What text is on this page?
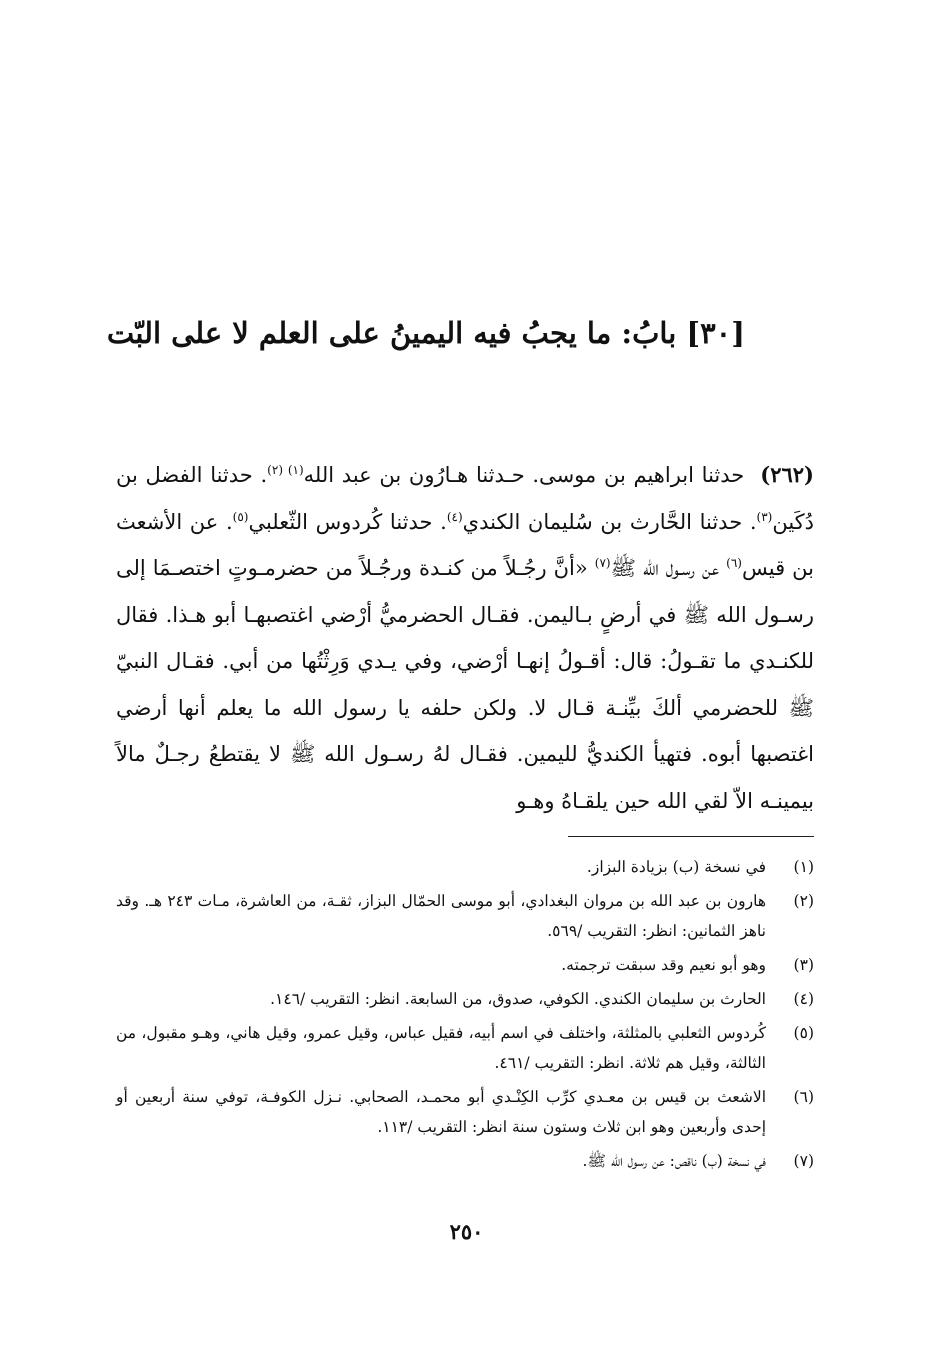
[٣٠] بابُ: ما يجبُ فيه اليمينُ على العلم لا على البّت

(٢٦٢)حدثنا ابراهيم بن موسى. حـدثنا هـارُون بن عبد الله$^{(١) (٢)}$. حدثنا الفضل بن دُكَين$^{(٣)}$. حدثنا الحَّارث بن سُليمان الكندي$^{(٤)}$. حدثنا كُردوس الثّعلبي$^{(٥)}$. عن الأشعث بن قيس$^{(٦)}$ عن رسـول الله ﷺ$^{(٧)}$ «أنَّ رجُـلاً من كنـدة ورجُـلاً من حضرمـوتٍ اختصـمَا إلى رسـول الله ﷺ في أرضٍ بـاليمن. فقـال الحضرميُّ أرْضي اغتصبهـا أبو هـذا. فقال للكنـدي ما تقـولُ: قال: أقـولُ إنهـا أرْضي، وفي يـدي وَرِثْتُها من أبي. فقـال النبيّ ﷺ للحضرمي ألكَ بيِّنـة قـال لا. ولكن حلفه يا رسول الله ما يعلم أنها أرضي اغتصبها أبوه. فتهيأ الكنديُّ لليمين. فقـال لهُ رسـول الله ﷺ لا يقتطعُ رجـلٌ مالاً بيمينـه الاّ لقي الله حين يلقـاهُ وهـو

(١)
في نسخة (ب) بزيادة البزاز.
(٢)
هارون بن عبد الله بن مروان البغدادي، أبو موسى الحمّال البزاز، ثقـة، من العاشرة، مـات ٢٤٣ هـ. وقد ناهز الثمانين: انظر: التقريب /٥٦٩.
(٣)
وهو أبو نعيم وقد سبقت ترجمته.
(٤)
الحارث بن سليمان الكندي. الكوفي، صدوق، من السابعة. انظر: التقريب /١٤٦.
(٥)
كُردوس الثعلبي بالمثلثة، واختلف في اسم أبيه، فقيل عباس، وقيل عمرو، وقيل هاني، وهـو مقبول، من الثالثة، وقيل هم ثلاثة. انظر: التقريب /٤٦١.
(٦)
الاشعث بن قيس بن معـدي كرِّب الكِنْـدي أبو محمـد، الصحابي. نـزل الكوفـة، توفي سنة أربعين أو إحدى وأربعين وهو ابن ثلاث وستون سنة انظر: التقريب /١١٣.
(٧)
في نسخة (ب) ناقص: عن رسول الله ﷺ.
٢٥٠
